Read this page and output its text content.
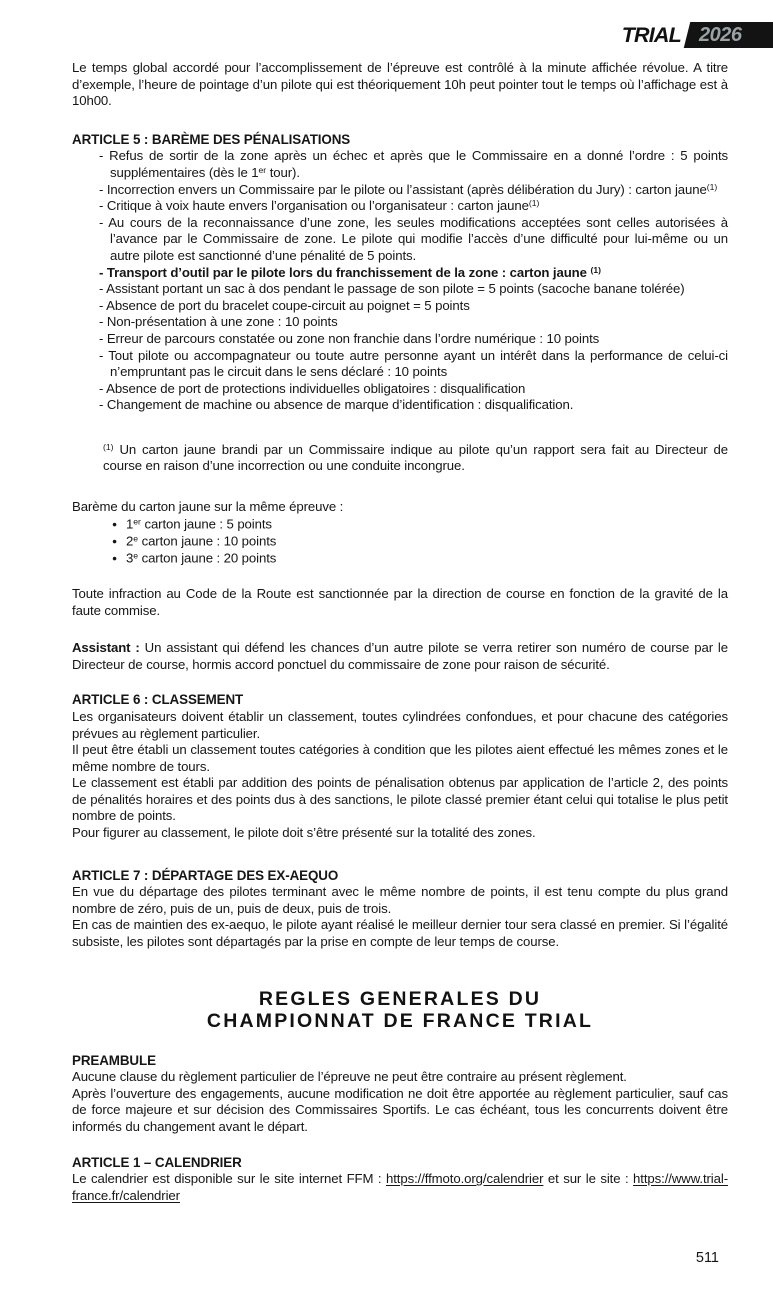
TRIAL 2026

Le temps global accordé pour l’accomplissement de l’épreuve est contrôlé à la minute affichée révolue. A titre d’exemple, l’heure de pointage d’un pilote qui est théoriquement 10h peut pointer tout le temps où l’affichage est à 10h00.

ARTICLE 5 : BARÈME DES PÉNALISATIONS

- Refus de sortir de la zone après un échec et après que le Commissaire en a donné l’ordre : 5 points supplémentaires (dès le 1er tour).

- Incorrection envers un Commissaire par le pilote ou l’assistant (après délibération du Jury) : carton jaune$^{(1)}$

- Critique à voix haute envers l’organisation ou l’organisateur : carton jaune$^{(1)}$

- Au cours de la reconnaissance d’une zone, les seules modifications acceptées sont celles autorisées à l’avance par le Commissaire de zone. Le pilote qui modifie l’accès d’une difficulté pour lui-même ou un autre pilote est sanctionné d’une pénalité de 5 points.

- Transport d’outil par le pilote lors du franchissement de la zone : carton jaune $^{(1)}$

- Assistant portant un sac à dos pendant le passage de son pilote = 5 points (sacoche banane tolérée)

- Absence de port du bracelet coupe-circuit au poignet = 5 points

- Non-présentation à une zone : 10 points

- Erreur de parcours constatée ou zone non franchie dans l’ordre numérique : 10 points

- Tout pilote ou accompagnateur ou toute autre personne ayant un intérêt dans la performance de celui-ci n’empruntant pas le circuit dans le sens déclaré : 10 points

- Absence de port de protections individuelles obligatoires : disqualification

- Changement de machine ou absence de marque d’identification : disqualification.

$^{(1)}$ Un carton jaune brandi par un Commissaire indique au pilote qu’un rapport sera fait au Directeur de course en raison d’une incorrection ou une conduite incongrue.

Barème du carton jaune sur la même épreuve :

● 1er carton jaune : 5 points

● 2e carton jaune : 10 points

● 3e carton jaune : 20 points

Toute infraction au Code de la Route est sanctionnée par la direction de course en fonction de la gravité de la faute commise.

Assistant : Un assistant qui défend les chances d’un autre pilote se verra retirer son numéro de course par le Directeur de course, hormis accord ponctuel du commissaire de zone pour raison de sécurité.

ARTICLE 6 : CLASSEMENT

Les organisateurs doivent établir un classement, toutes cylindrées confondues, et pour chacune des catégories prévues au règlement particulier.

Il peut être établi un classement toutes catégories à condition que les pilotes aient effectué les mêmes zones et le même nombre de tours.

Le classement est établi par addition des points de pénalisation obtenus par application de l’article 2, des points de pénalités horaires et des points dus à des sanctions, le pilote classé premier étant celui qui totalise le plus petit nombre de points.

Pour figurer au classement, le pilote doit s’être présenté sur la totalité des zones.

ARTICLE 7 : DÉPARTAGE DES EX-AEQUO

En vue du départage des pilotes terminant avec le même nombre de points, il est tenu compte du plus grand nombre de zéro, puis de un, puis de deux, puis de trois.

En cas de maintien des ex-aequo, le pilote ayant réalisé le meilleur dernier tour sera classé en premier. Si l’égalité subsiste, les pilotes sont départagés par la prise en compte de leur temps de course.

REGLES GENERALES DU
CHAMPIONNAT DE FRANCE TRIAL
PREAMBULE

Aucune clause du règlement particulier de l’épreuve ne peut être contraire au présent règlement.

Après l’ouverture des engagements, aucune modification ne doit être apportée au règlement particulier, sauf cas de force majeure et sur décision des Commissaires Sportifs. Le cas échéant, tous les concurrents doivent être informés du changement avant le départ.

ARTICLE 1 – CALENDRIER

Le calendrier est disponible sur le site internet FFM : https://ffmoto.org/calendrier et sur le site : https://www.trial-france.fr/calendrier

511
